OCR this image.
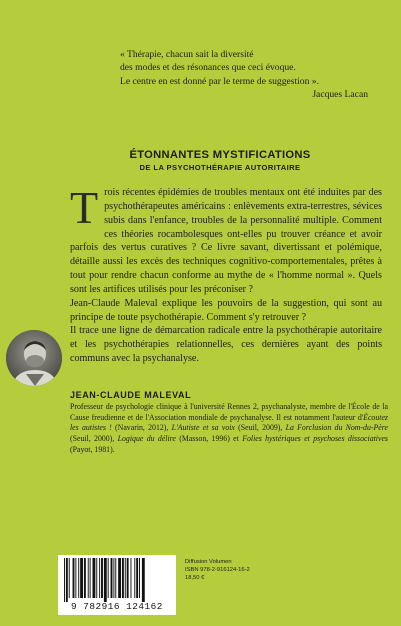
« Thérapie, chacun sait la diversité
des modes et des résonances que ceci évoque.
Le centre en est donné par le terme de suggestion ».
Jacques Lacan
ÉTONNANTES MYSTIFICATIONS
DE LA PSYCHOTHÉRAPIE AUTORITAIRE

Trois récentes épidémies de troubles mentaux ont été induites par des psychothérapeutes américains : enlèvements extra-terrestres, sévices subis dans l'enfance, troubles de la personnalité multiple. Comment ces théories rocambolesques ont-elles pu trouver créance et avoir parfois des vertus curatives ? Ce livre savant, divertissant et polémique, détaille aussi les excès des techniques cognitivo-comportementales, prêtes à tout pour rendre chacun conforme au mythe de « l'homme normal ». Quels sont les artifices utilisés pour les préconiser ?

Jean-Claude Maleval explique les pouvoirs de la suggestion, qui sont au principe de toute psychothérapie. Comment s'y retrouver ?

Il trace une ligne de démarcation radicale entre la psychothérapie autoritaire et les psychothérapies relationnelles, ces dernières ayant des points communs avec la psychanalyse.

JEAN-CLAUDE MALEVAL
Professeur de psychologie clinique à l'université Rennes 2, psychanalyste, membre de l'École de la Cause freudienne et de l'Association mondiale de psychanalyse. Il est notamment l'auteur d'Écoutez les autistes ! (Navarin, 2012), L'Autiste et sa voix (Seuil, 2009), La Forclusion du Nom-du-Père (Seuil, 2000), Logique du délire (Masson, 1996) et Folies hystériques et psychoses dissociatives (Payot, 1981).
9 782916 124162
Diffusion Volumen
ISBN 978-2-916124-16-2
18,50 €
